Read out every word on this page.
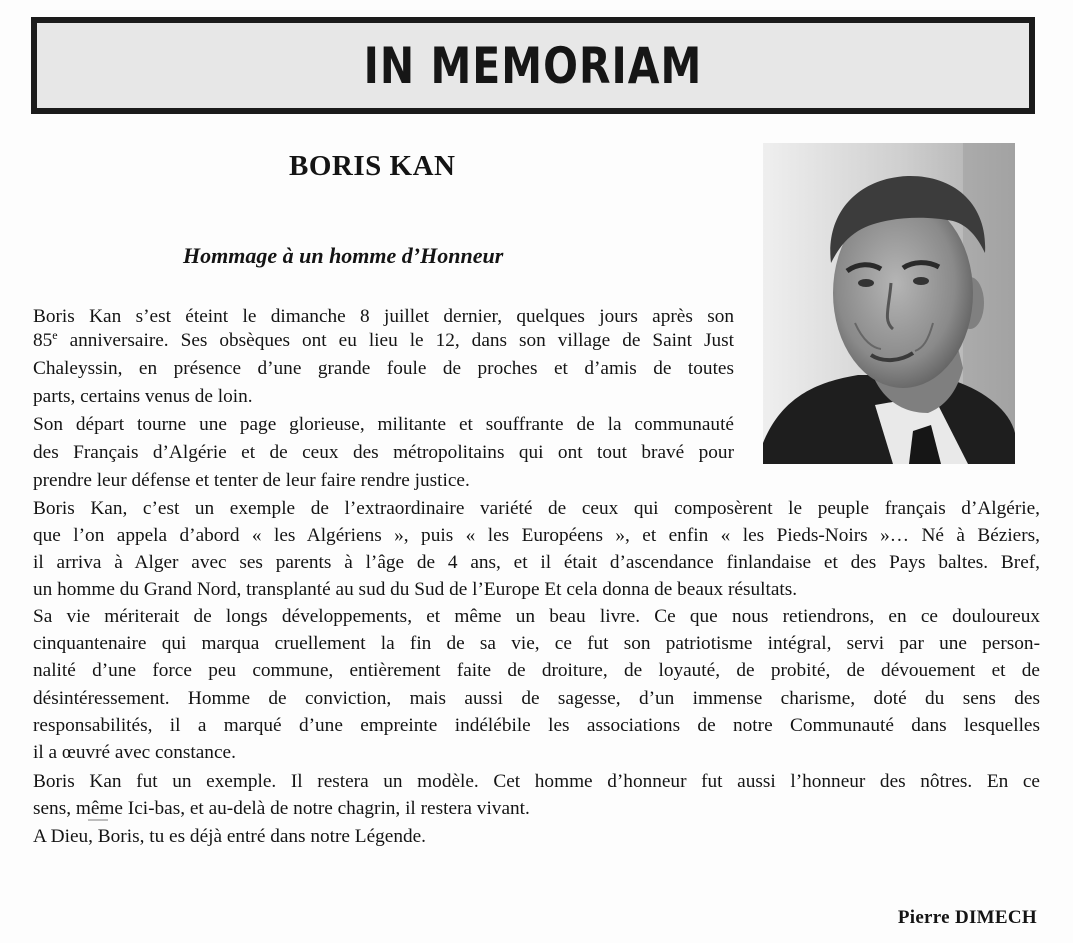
IN MEMORIAM
BORIS KAN
Hommage à un homme d’Honneur
Boris Kan s’est éteint le dimanche 8 juillet dernier, quelques jours après son
85e anniversaire. Ses obsèques ont eu lieu le 12, dans son village de Saint Just
Chaleyssin, en présence d’une grande foule de proches et d’amis de toutes
parts, certains venus de loin.
Son départ tourne une page glorieuse, militante et souffrante de la communauté
des Français d’Algérie et de ceux des métropolitains qui ont tout bravé pour
prendre leur défense et tenter de leur faire rendre justice.
Boris Kan, c’est un exemple de l’extraordinaire variété de ceux qui composèrent le peuple français d’Algérie,
que l’on appela d’abord « les Algériens », puis « les Européens », et enfin « les Pieds-Noirs »… Né à Béziers,
il arriva à Alger avec ses parents à l’âge de 4 ans, et il était d’ascendance finlandaise et des Pays baltes. Bref,
un homme du Grand Nord, transplanté au sud du Sud de l’Europe Et cela donna de beaux résultats.
Sa vie mériterait de longs développements, et même un beau livre. Ce que nous retiendrons, en ce douloureux
cinquantenaire qui marqua cruellement la fin de sa vie, ce fut son patriotisme intégral, servi par une person-
nalité d’une force peu commune, entièrement faite de droiture, de loyauté, de probité, de dévouement et de
désintéressement. Homme de conviction, mais aussi de sagesse, d’un immense charisme, doté du sens des
responsabilités, il a marqué d’une empreinte indélébile les associations de notre Communauté dans lesquelles
il a œuvré avec constance.
Boris Kan fut un exemple. Il restera un modèle. Cet homme d’honneur fut aussi l’honneur des nôtres. En ce
sens, même Ici-bas, et au-delà de notre chagrin, il restera vivant.
A Dieu, Boris, tu es déjà entré dans notre Légende.
Pierre DIMECH
